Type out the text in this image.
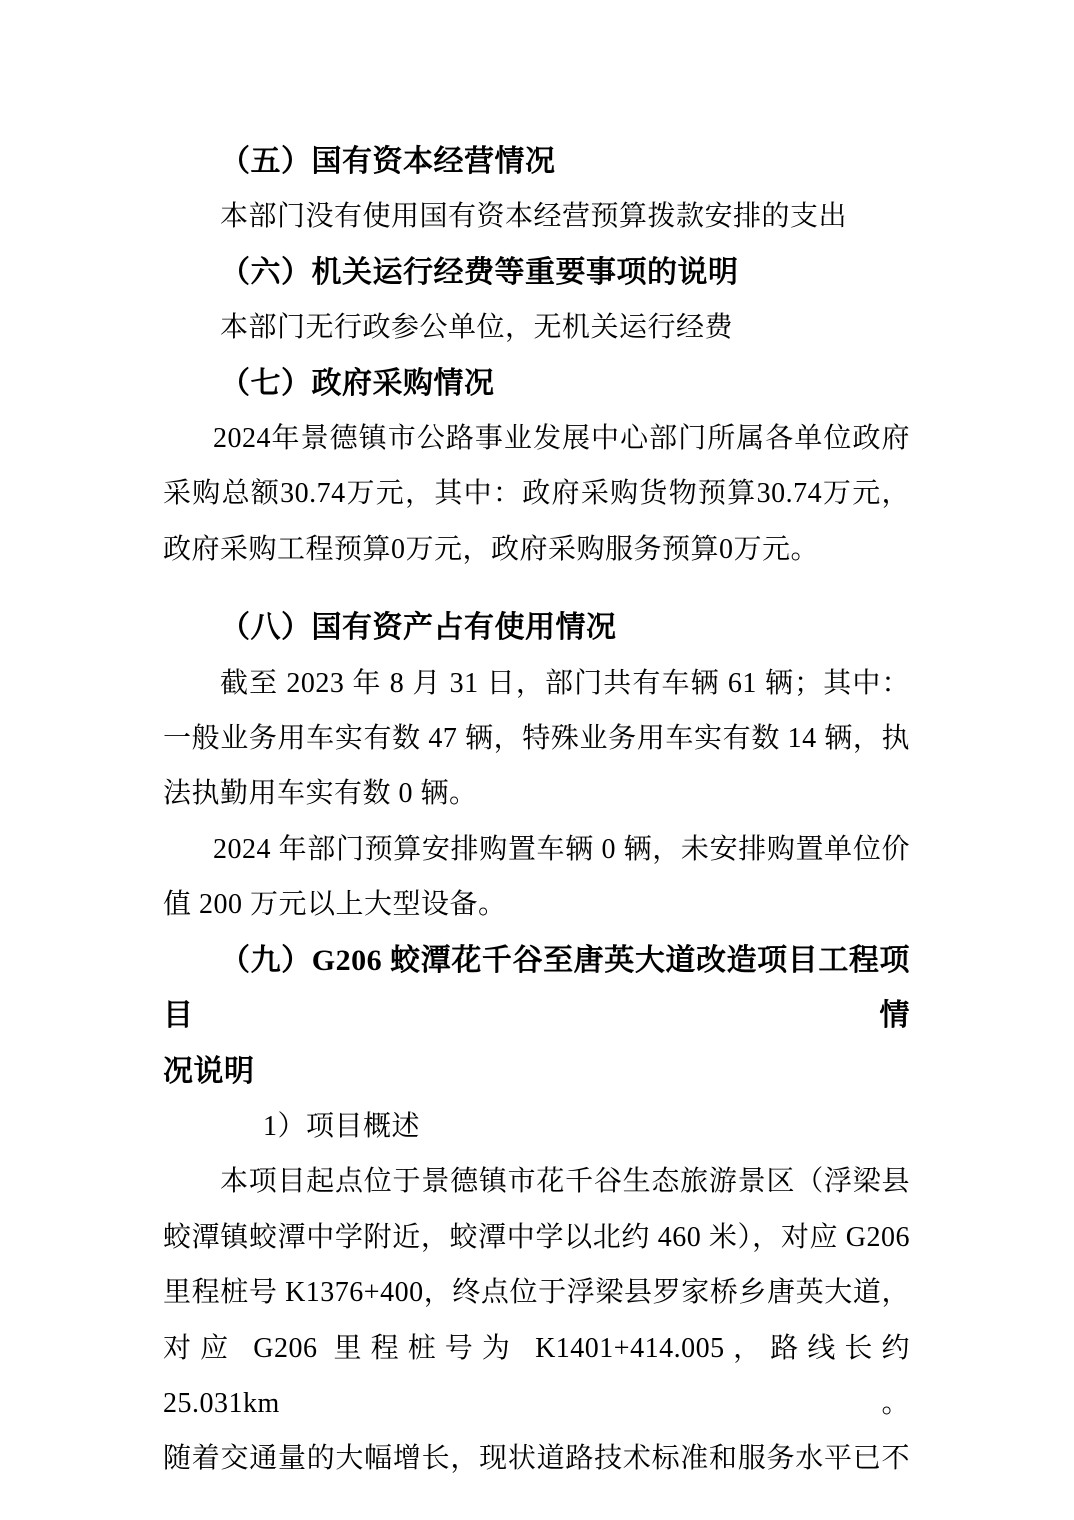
（五）国有资本经营情况
本部门没有使用国有资本经营预算拨款安排的支出
（六）机关运行经费等重要事项的说明
本部门无行政参公单位，无机关运行经费
（七）政府采购情况
2024年景德镇市公路事业发展中心部门所属各单位政府
采购总额30.74万元，其中：政府采购货物预算30.74万元，
政府采购工程预算0万元，政府采购服务预算0万元。
（八）国有资产占有使用情况
截至 2023 年 8 月 31 日，部门共有车辆 61 辆；其中：
一般业务用车实有数 47 辆，特殊业务用车实有数 14 辆，执
法执勤用车实有数 0 辆。
2024 年部门预算安排购置车辆 0 辆，未安排购置单位价
值 200 万元以上大型设备。
（九）G206 蛟潭花千谷至唐英大道改造项目工程项目情
况说明
1）项目概述
本项目起点位于景德镇市花千谷生态旅游景区（浮梁县
蛟潭镇蛟潭中学附近，蛟潭中学以北约 460 米），对应 G206
里程桩号 K1376+400，终点位于浮梁县罗家桥乡唐英大道，
对应 G206 里程桩号为 K1401+414.005，路线长约 25.031km。
随着交通量的大幅增长，现状道路技术标准和服务水平已不
